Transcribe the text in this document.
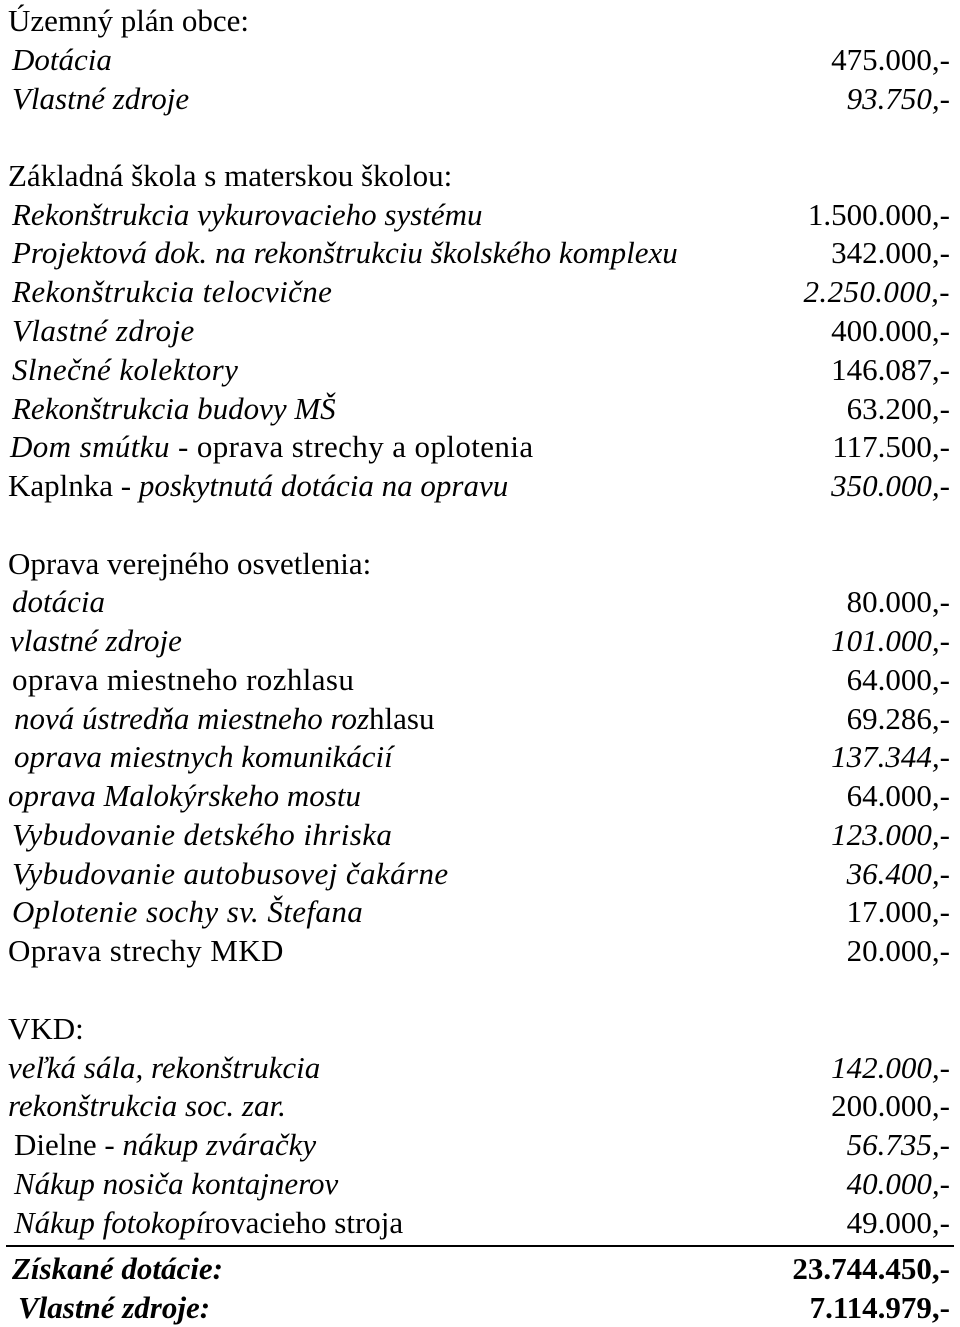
Územný plán obce:
Dotácia	475.000,-
Vlastné zdroje	93.750,-
Základná škola s materskou školou:
Rekonštrukcia vykurovacieho systému	1.500.000,-
Projektová dok. na rekonštrukciu školského komplexu	342.000,-
Rekonštrukcia telocvične	2.250.000,-
Vlastné zdroje	400.000,-
Slnečné kolektory	146.087,-
Rekonštrukcia budovy MŠ	63.200,-
Dom smútku - oprava strechy a oplotenia	117.500,-
Kaplnka - poskytnutá dotácia na opravu	350.000,-
Oprava verejného osvetlenia:
dotácia	80.000,-
vlastné zdroje	101.000,-
oprava miestneho rozhlasu	64.000,-
nová ústredňa miestneho rozhlasu	69.286,-
oprava miestnych komunikácií	137.344,-
oprava Malokýrskeho mostu	64.000,-
Vybudovanie detského ihriska	123.000,-
Vybudovanie autobusovej čakárne	36.400,-
Oplotenie sochy sv. Štefana	17.000,-
Oprava strechy MKD	20.000,-
VKD:
veľká sála, rekonštrukcia	142.000,-
rekonštrukcia soc. zar.	200.000,-
Dielne - nákup zváračky	56.735,-
Nákup nosiča kontajnerov	40.000,-
Nákup fotokopírovacieho stroja	49.000,-
Získané dotácie:	23.744.450,-
Vlastné zdroje:	7.114.979,-
